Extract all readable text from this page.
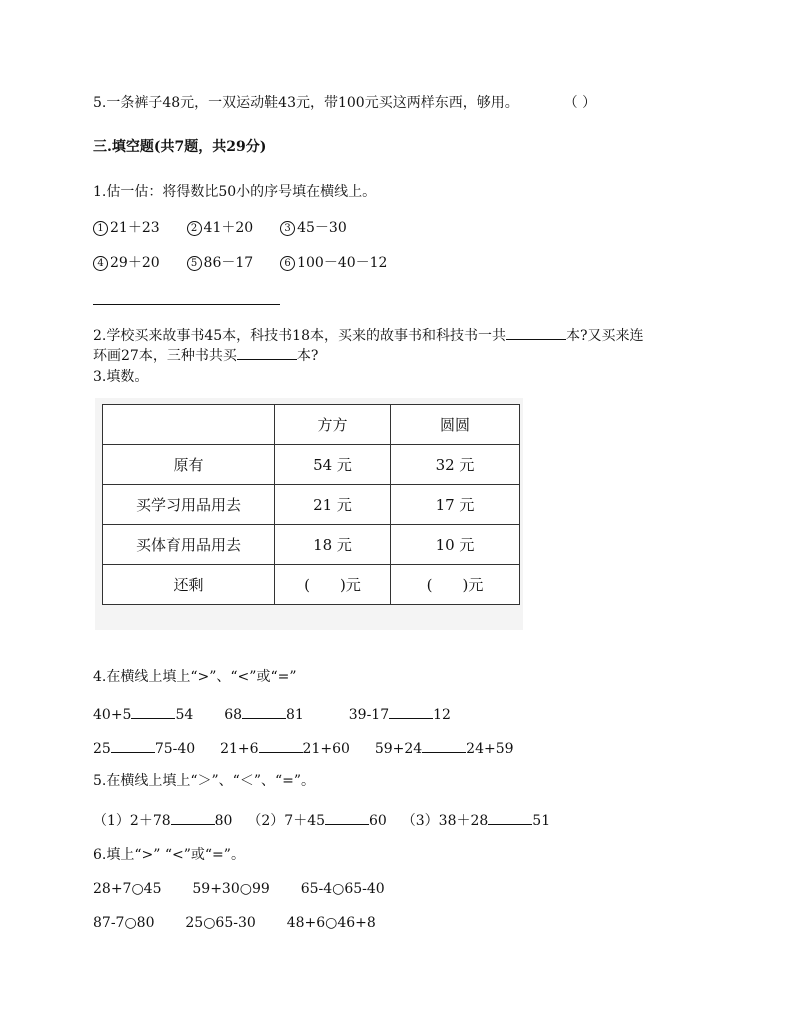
5.一条裤子48元，一双运动鞋43元，带100元买这两样东西，够用。	（ ）
三.填空题(共7题，共29分)
1.估一估：将得数比50小的序号填在横线上。
1 21＋23	2 41＋20	3 45－30
4 29＋20	5 86－17	6 100－40－12
2.学校买来故事书45本，科技书18本，买来的故事书和科技书一共	本?又买来连
环画27本，三种书共买	本?
3.填数。
	方方	圆圆
原有	54 元	32 元
买学习用品用去	21 元	17 元
买体育用品用去	18 元	10 元
还剩	(　　)元	(　　)元
4.在横线上填上“>”、“<”或“=”
40+5	54 68	81	39-17	12
25	75-40 21+6	21+60 59+24	24+59
5.在横线上填上“＞”、“＜”、“=”。
（1）2＋78	80 （2）7＋45	60 （3）38＋28	51
6.填上“>” “<”或“=”。
28+7○45 59+30○99 65-4○65-40
87-7○80 25○65-30 48+6○46+8
